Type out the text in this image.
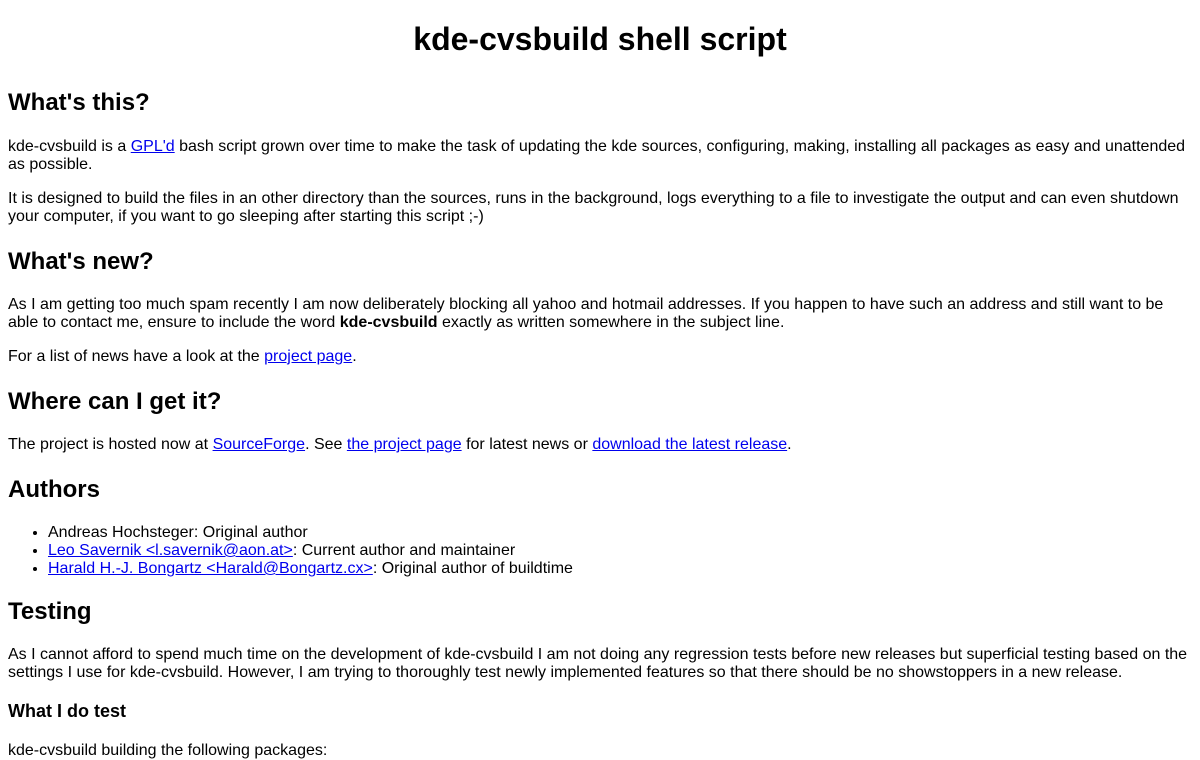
kde-cvsbuild shell script
What's this?

kde-cvsbuild is a GPL'd bash script grown over time to make the task of updating the kde sources, configuring, making, installing all packages as easy and unattended as possible.

It is designed to build the files in an other directory than the sources, runs in the background, logs everything to a file to investigate the output and can even shutdown your computer, if you want to go sleeping after starting this script ;-)

What's new?

As I am getting too much spam recently I am now deliberately blocking all yahoo and hotmail addresses. If you happen to have such an address and still want to be able to contact me, ensure to include the word kde-cvsbuild exactly as written somewhere in the subject line.

For a list of news have a look at the project page.

Where can I get it?

The project is hosted now at SourceForge. See the project page for latest news or download the latest release.

Authors
• Andreas Hochsteger: Original author
• Leo Savernik <l.savernik@aon.at>: Current author and maintainer
• Harald H.-J. Bongartz <Harald@Bongartz.cx>: Original author of buildtime
Testing

As I cannot afford to spend much time on the development of kde-cvsbuild I am not doing any regression tests before new releases but superficial testing based on the settings I use for kde-cvsbuild. However, I am trying to thoroughly test newly implemented features so that there should be no showstoppers in a new release.

What I do test

kde-cvsbuild building the following packages:
